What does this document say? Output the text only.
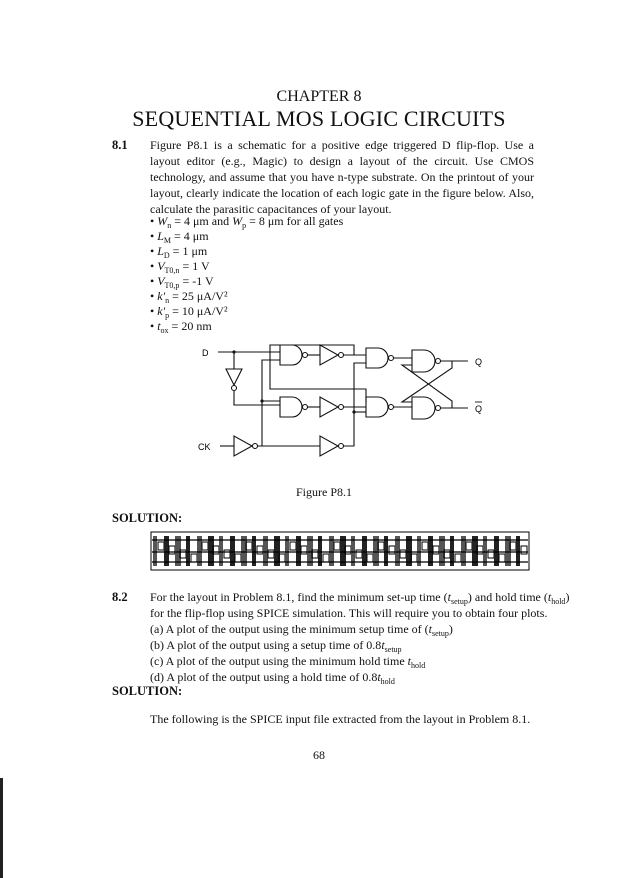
CHAPTER 8
SEQUENTIAL MOS LOGIC CIRCUITS
8.1 Figure P8.1 is a schematic for a positive edge triggered D flip-flop. Use a layout editor (e.g., Magic) to design a layout of the circuit. Use CMOS technology, and assume that you have n-type substrate. On the printout of your layout, clearly indicate the location of each logic gate in the figure below. Also, calculate the parasitic capacitances of your layout.
• $W_n = 4$ μm and $W_p = 8$ μm for all gates
• $L_M = 4$ μm
• $L_D = 1$ μm
• $V_{T0,n} = 1$ V
• $V_{T0,p} = -1$ V
• $k'_n = 25$ μA/V²
• $k'_p = 10$ μA/V²
• $t_{ox} = 20$ nm
D
CK
Q
Q
Figure P8.1
SOLUTION:
8.2 For the layout in Problem 8.1, find the minimum set-up time $(t_{setup})$ and hold time $(t_{hold})$
for the flip-flop using SPICE simulation. This will require you to obtain four plots.
(a) A plot of the output using the minimum setup time of $(t_{setup})$
(b) A plot of the output using a setup time of $0.8t_{setup}$
(c) A plot of the output using the minimum hold time $t_{hold}$
(d) A plot of the output using a hold time of $0.8t_{hold}$
SOLUTION:
The following is the SPICE input file extracted from the layout in Problem 8.1.
68
